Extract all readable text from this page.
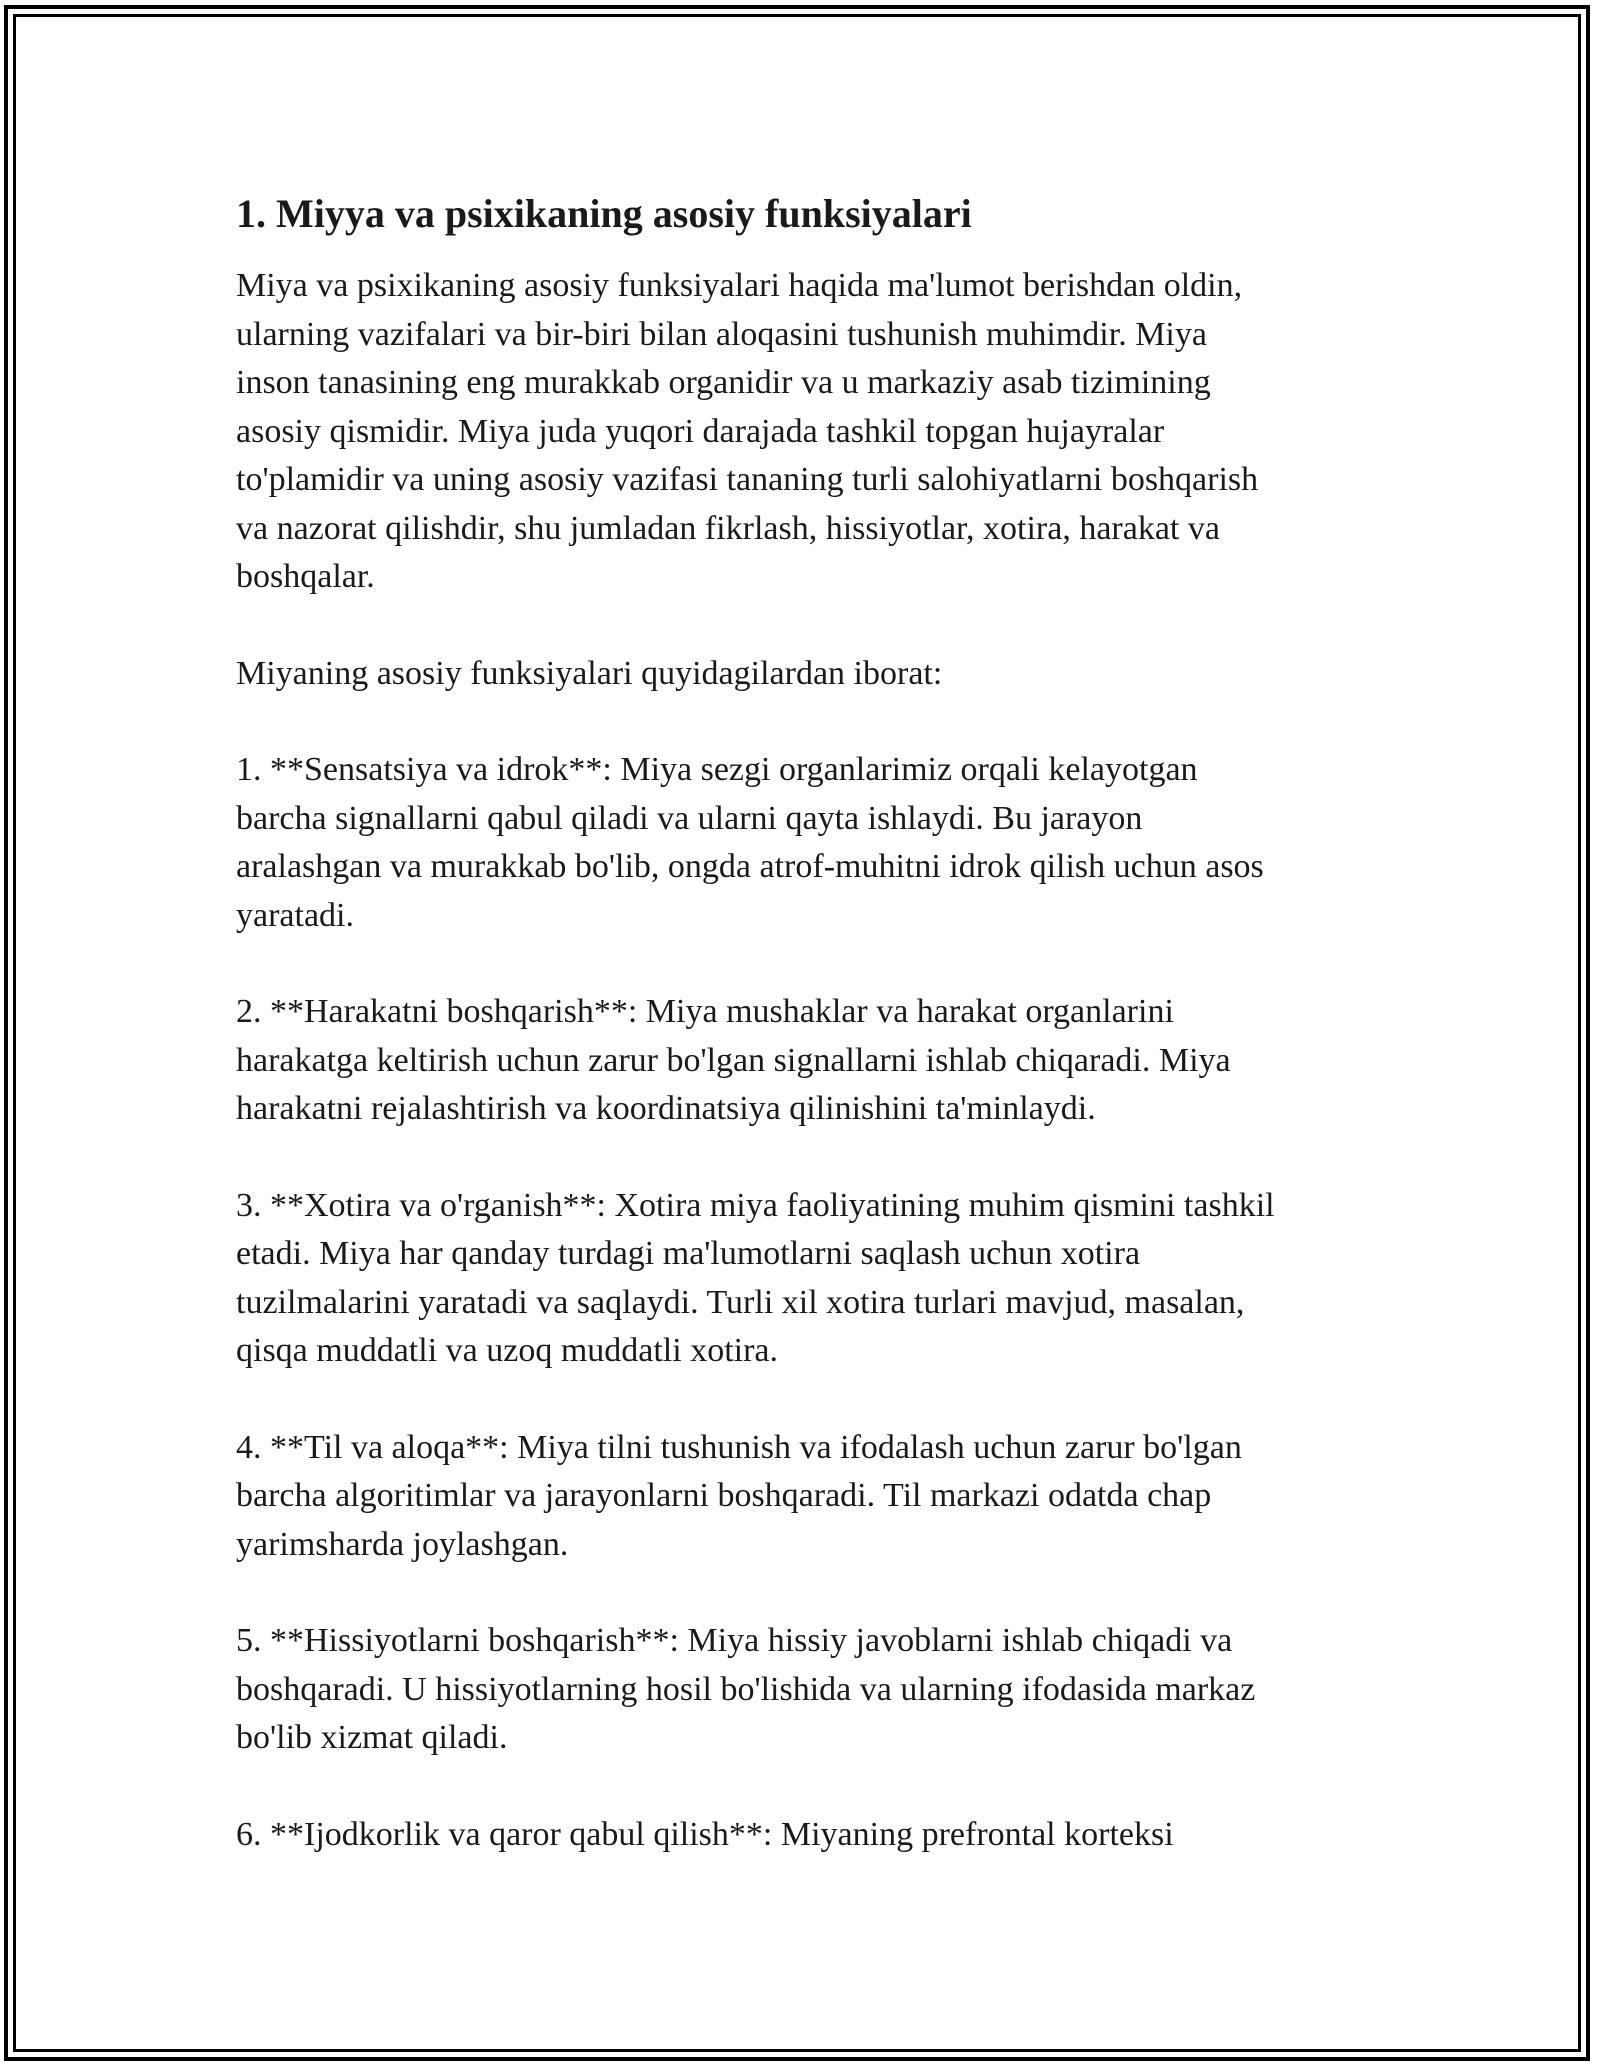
1. Miyya va psixikaning asosiy funksiyalari

Miya va psixikaning asosiy funksiyalari haqida ma'lumot berishdan oldin,
ularning vazifalari va bir-biri bilan aloqasini tushunish muhimdir. Miya
inson tanasining eng murakkab organidir va u markaziy asab tizimining
asosiy qismidir. Miya juda yuqori darajada tashkil topgan hujayralar
to'plamidir va uning asosiy vazifasi tananing turli salohiyatlarni boshqarish
va nazorat qilishdir, shu jumladan fikrlash, hissiyotlar, xotira, harakat va
boshqalar.

Miyaning asosiy funksiyalari quyidagilardan iborat:

1. **Sensatsiya va idrok**: Miya sezgi organlarimiz orqali kelayotgan
barcha signallarni qabul qiladi va ularni qayta ishlaydi. Bu jarayon
aralashgan va murakkab bo'lib, ongda atrof-muhitni idrok qilish uchun asos
yaratadi.

2. **Harakatni boshqarish**: Miya mushaklar va harakat organlarini
harakatga keltirish uchun zarur bo'lgan signallarni ishlab chiqaradi. Miya
harakatni rejalashtirish va koordinatsiya qilinishini ta'minlaydi.

3. **Xotira va o'rganish**: Xotira miya faoliyatining muhim qismini tashkil
etadi. Miya har qanday turdagi ma'lumotlarni saqlash uchun xotira
tuzilmalarini yaratadi va saqlaydi. Turli xil xotira turlari mavjud, masalan,
qisqa muddatli va uzoq muddatli xotira.

4. **Til va aloqa**: Miya tilni tushunish va ifodalash uchun zarur bo'lgan
barcha algoritimlar va jarayonlarni boshqaradi. Til markazi odatda chap
yarimsharda joylashgan.

5. **Hissiyotlarni boshqarish**: Miya hissiy javoblarni ishlab chiqadi va
boshqaradi. U hissiyotlarning hosil bo'lishida va ularning ifodasida markaz
bo'lib xizmat qiladi.

6. **Ijodkorlik va qaror qabul qilish**: Miyaning prefrontal korteksi
